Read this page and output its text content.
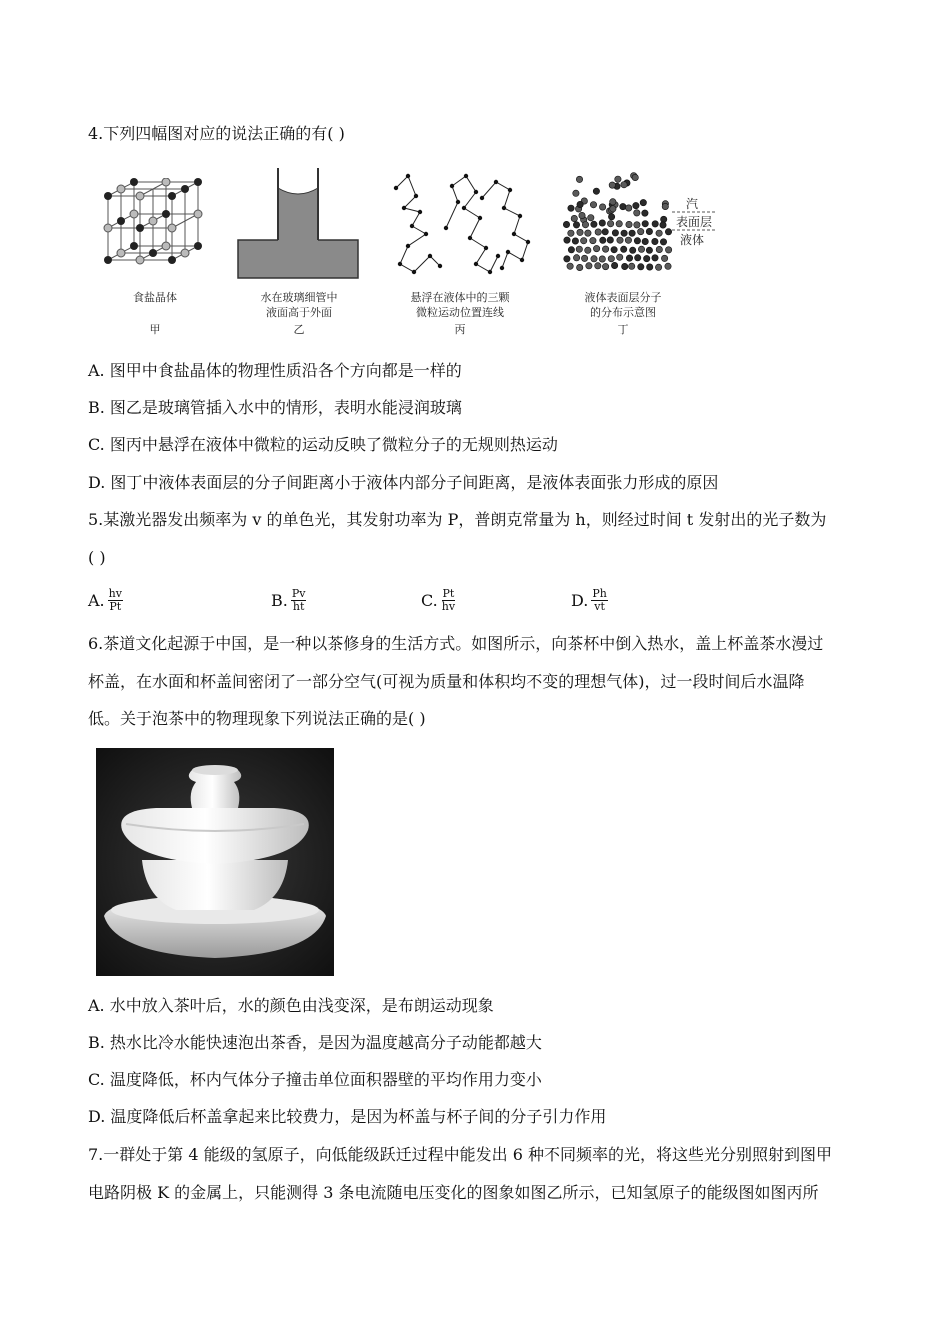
4.下列四幅图对应的说法正确的有( )
食盐晶体
甲
水在玻璃细管中
液面高于外面
乙
悬浮在液体中的三颗
微粒运动位置连线
丙
汽
表面层
液体
液体表面层分子
的分布示意图
丁
A. 图甲中食盐晶体的物理性质沿各个方向都是一样的
B. 图乙是玻璃管插入水中的情形，表明水能浸润玻璃
C. 图丙中悬浮在液体中微粒的运动反映了微粒分子的无规则热运动
D. 图丁中液体表面层的分子间距离小于液体内部分子间距离，是液体表面张力形成的原因
5.某激光器发出频率为 v 的单色光，其发射功率为 P，普朗克常量为 h，则经过时间 t 发射出的光子数为
( )
A. $\frac{hv}{Pt}$	B. $\frac{Pv}{ht}$	C. $\frac{Pt}{hv}$	D. $\frac{Ph}{vt}$
6.茶道文化起源于中国，是一种以茶修身的生活方式。如图所示，向茶杯中倒入热水，盖上杯盖茶水漫过
杯盖，在水面和杯盖间密闭了一部分空气(可视为质量和体积均不变的理想气体)，过一段时间后水温降
低。关于泡茶中的物理现象下列说法正确的是( )
A. 水中放入茶叶后，水的颜色由浅变深，是布朗运动现象
B. 热水比冷水能快速泡出茶香，是因为温度越高分子动能都越大
C. 温度降低，杯内气体分子撞击单位面积器壁的平均作用力变小
D. 温度降低后杯盖拿起来比较费力，是因为杯盖与杯子间的分子引力作用
7.一群处于第 4 能级的氢原子，向低能级跃迁过程中能发出 6 种不同频率的光，将这些光分别照射到图甲
电路阴极 K 的金属上，只能测得 3 条电流随电压变化的图象如图乙所示，已知氢原子的能级图如图丙所
